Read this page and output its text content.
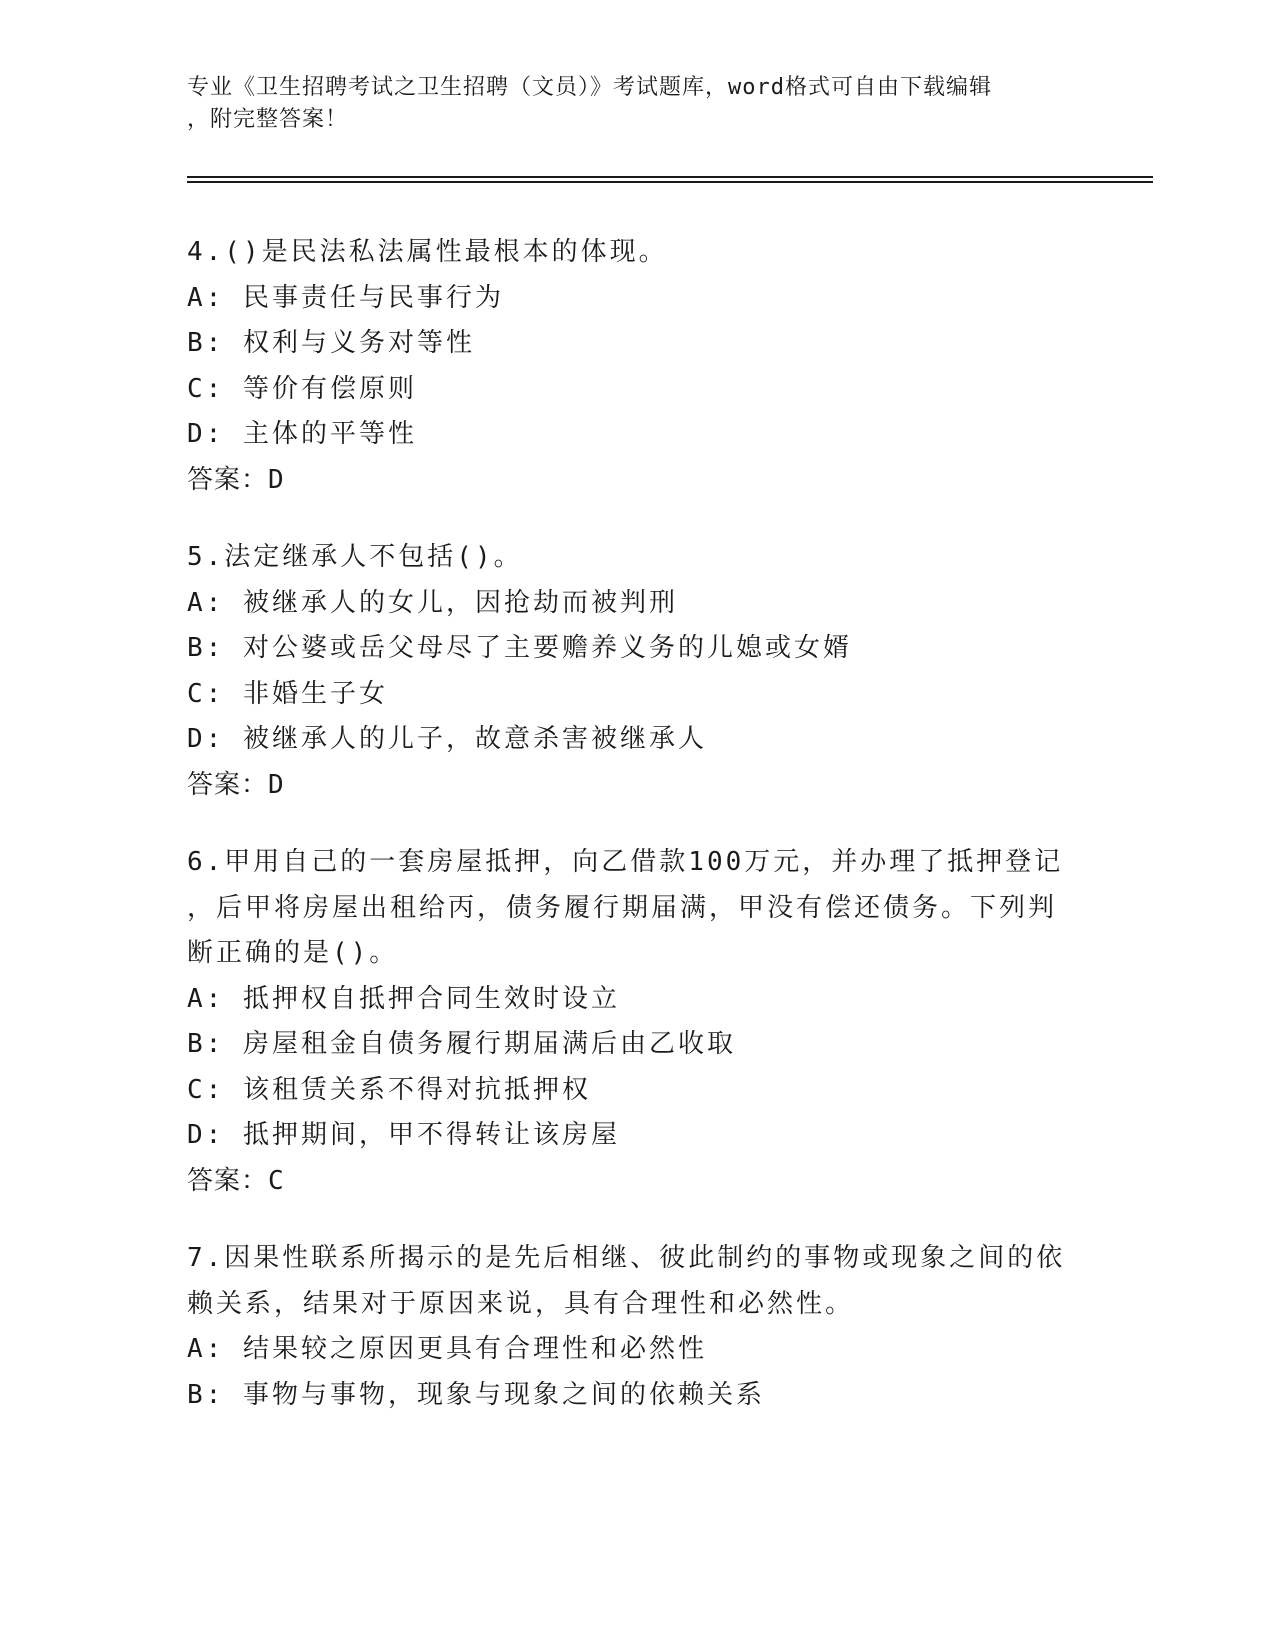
专业《卫生招聘考试之卫生招聘（文员）》考试题库，word格式可自由下载编辑
，附完整答案！
4.()是民法私法属性最根本的体现。
A: 民事责任与民事行为
B: 权利与义务对等性
C: 等价有偿原则
D: 主体的平等性
答案：D
5.法定继承人不包括()。
A: 被继承人的女儿，因抢劫而被判刑
B: 对公婆或岳父母尽了主要赡养义务的儿媳或女婿
C: 非婚生子女
D: 被继承人的儿子，故意杀害被继承人
答案：D
6.甲用自己的一套房屋抵押，向乙借款100万元，并办理了抵押登记
，后甲将房屋出租给丙，债务履行期届满，甲没有偿还债务。下列判
断正确的是()。
A: 抵押权自抵押合同生效时设立
B: 房屋租金自债务履行期届满后由乙收取
C: 该租赁关系不得对抗抵押权
D: 抵押期间，甲不得转让该房屋
答案：C
7.因果性联系所揭示的是先后相继、彼此制约的事物或现象之间的依
赖关系，结果对于原因来说，具有合理性和必然性。
A: 结果较之原因更具有合理性和必然性
B: 事物与事物，现象与现象之间的依赖关系
